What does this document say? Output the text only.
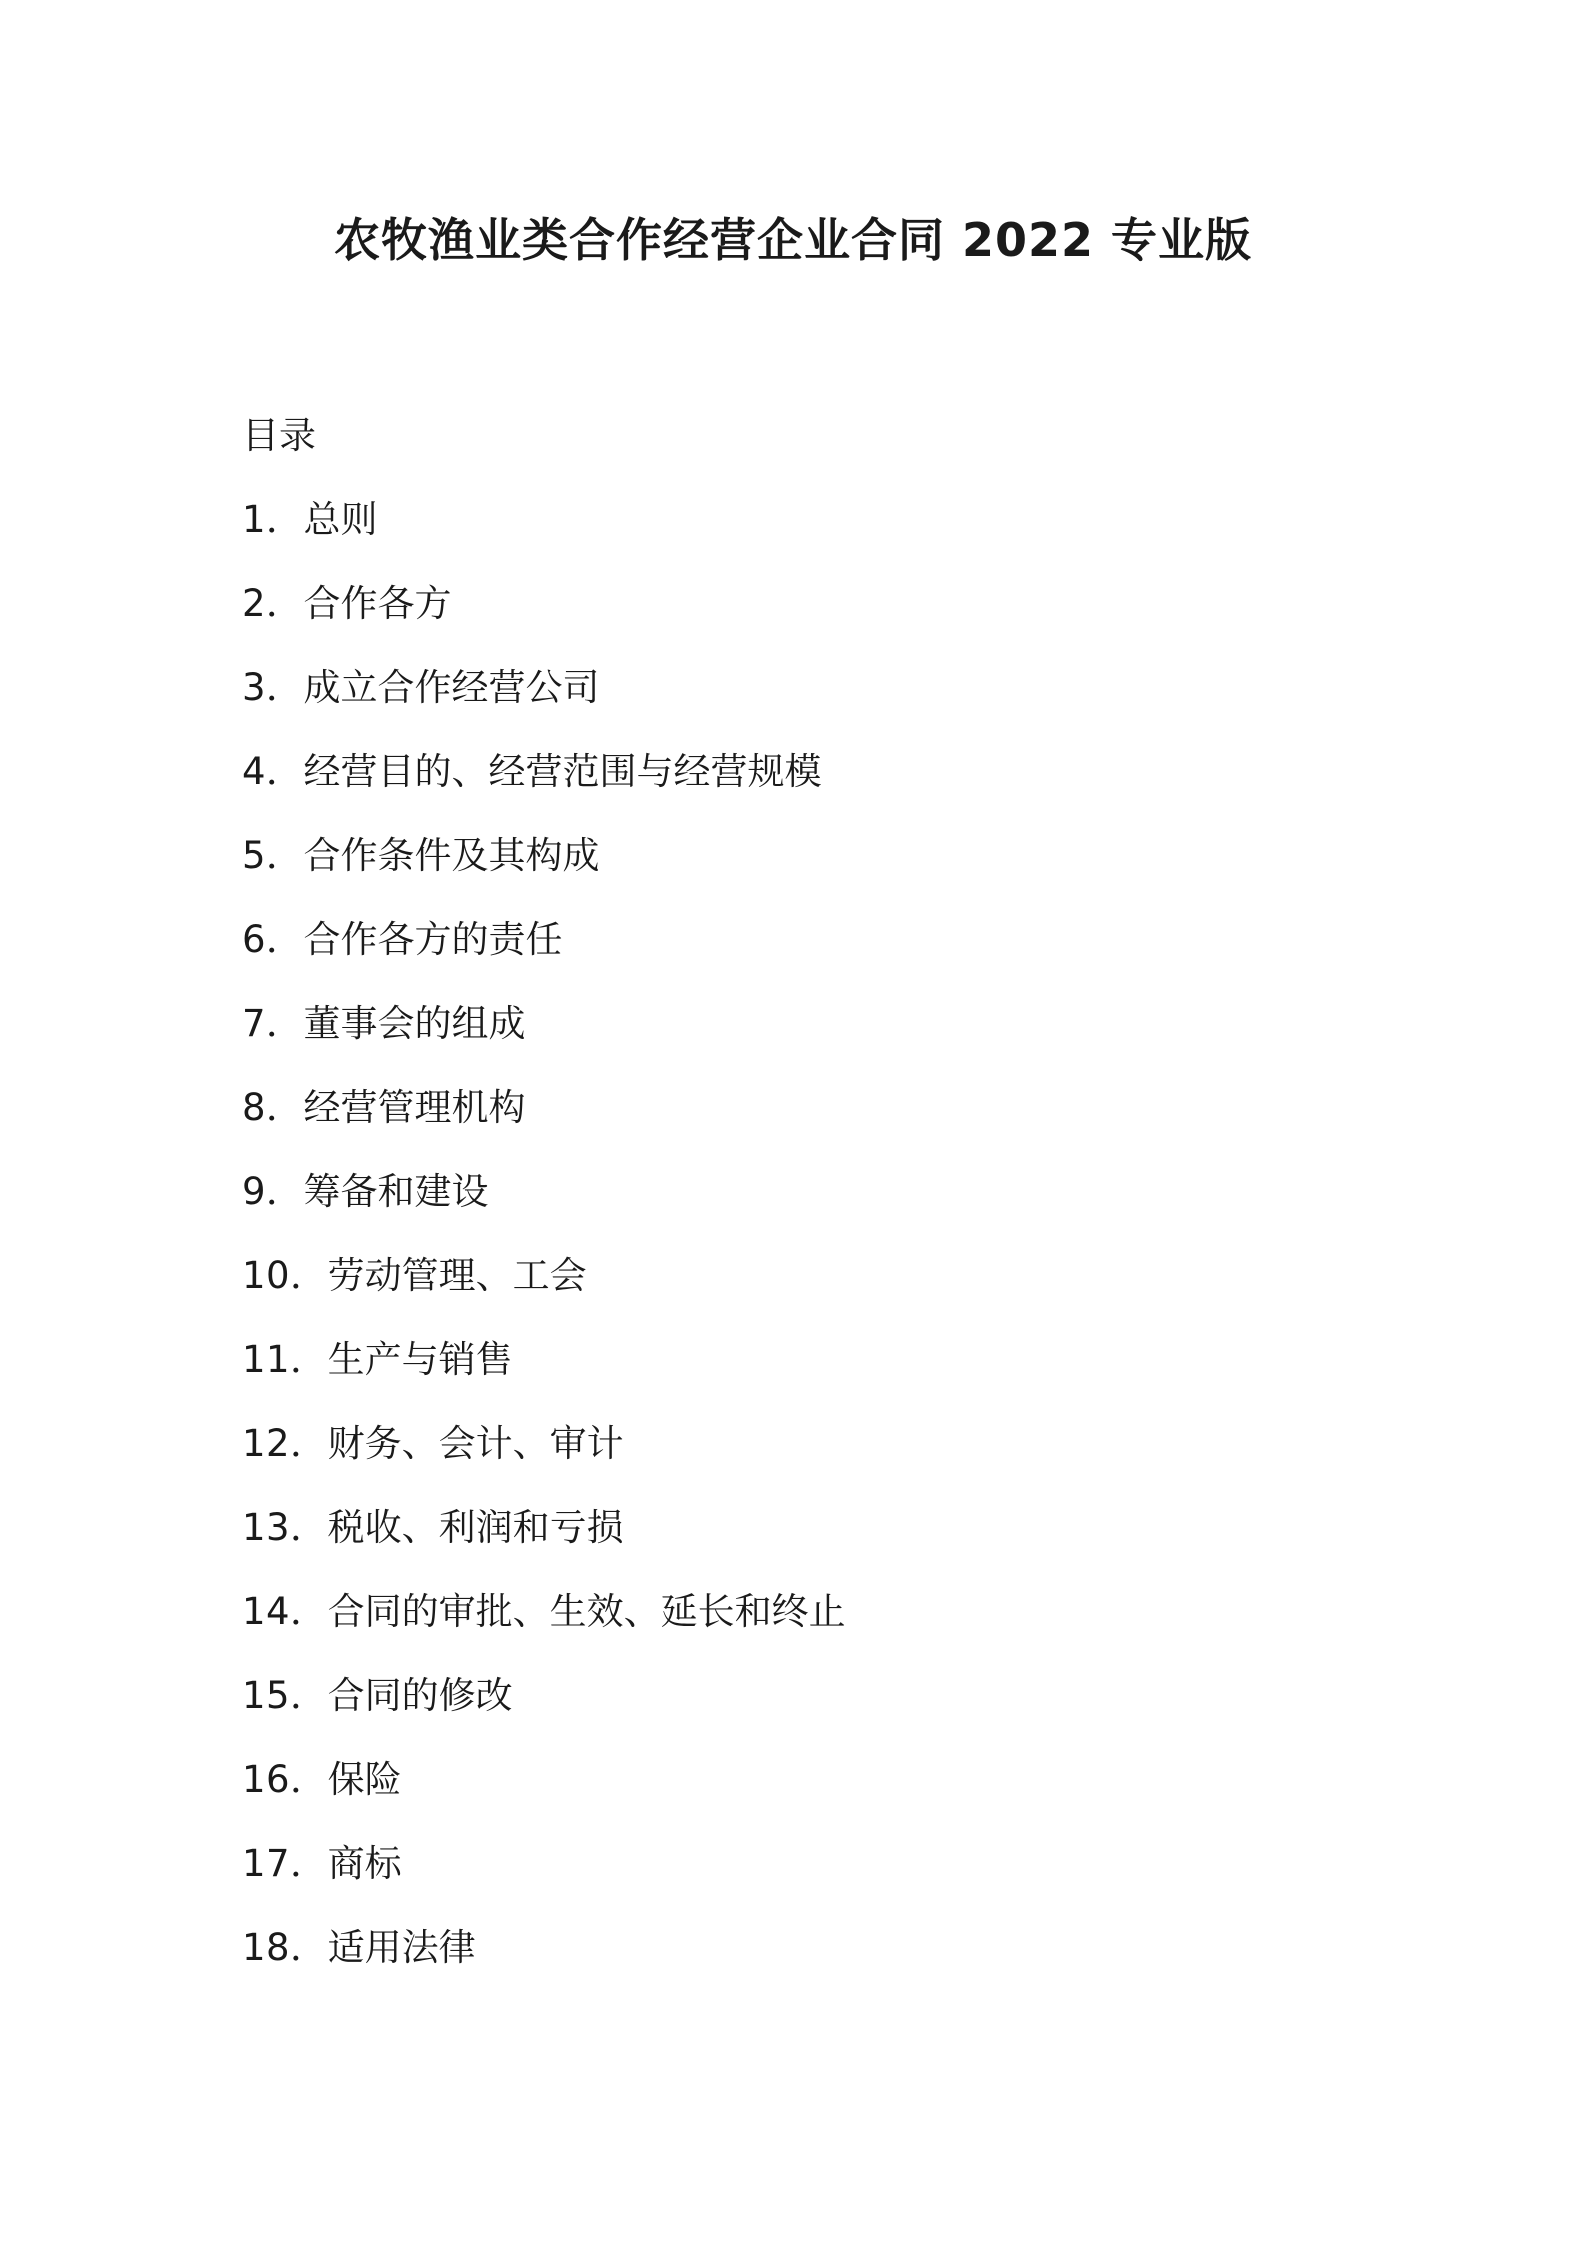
农牧渔业类合作经营企业合同 2022 专业版

目录

1． 总则
2． 合作各方
3． 成立合作经营公司
4． 经营目的、经营范围与经营规模
5． 合作条件及其构成
6． 合作各方的责任
7． 董事会的组成
8． 经营管理机构
9． 筹备和建设
10． 劳动管理、工会
11． 生产与销售
12． 财务、会计、审计
13． 税收、利润和亏损
14． 合同的审批、生效、延长和终止
15． 合同的修改
16． 保险
17． 商标
18． 适用法律
